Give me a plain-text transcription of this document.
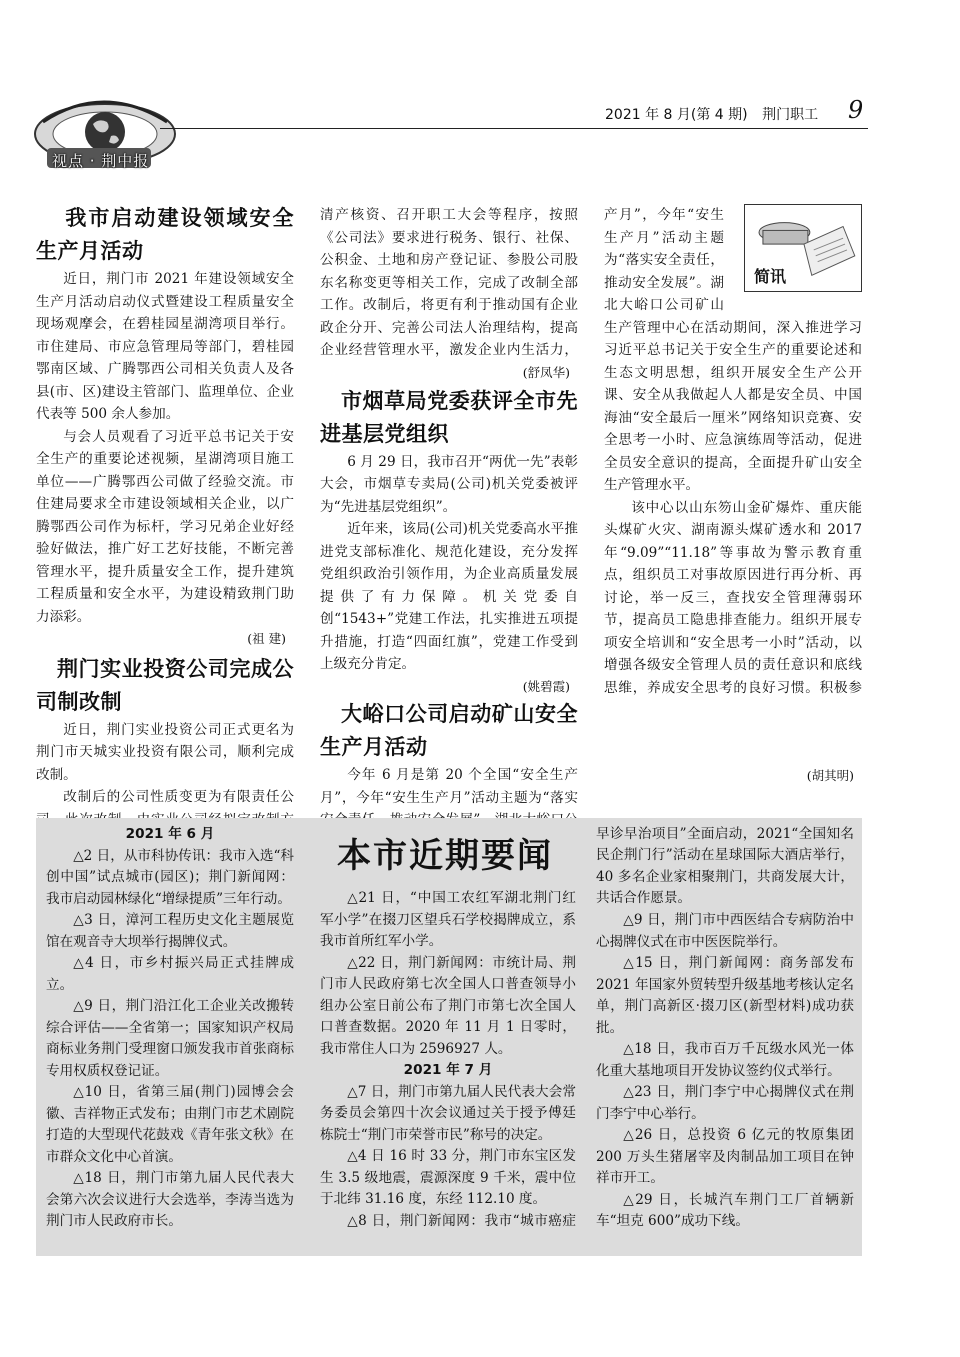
视点 · 荆中报
2021 年 8 月(第 4 期) 荆门职工 9
我市启动建设领域安全生产月活动
近日，荆门市 2021 年建设领域安全生产月活动启动仪式暨建设工程质量安全现场观摩会，在碧桂园星湖湾项目举行。市住建局、市应急管理局等部门，碧桂园鄂南区域、广腾鄂西公司相关负责人及各县(市、区)建设主管部门、监理单位、企业代表等 500 余人参加。
与会人员观看了习近平总书记关于安全生产的重要论述视频，星湖湾项目施工单位——广腾鄂西公司做了经验交流。市住建局要求全市建设领域相关企业，以广腾鄂西公司作为标杆，学习兄弟企业好经验好做法，推广好工艺好技能，不断完善管理水平，提升质量安全工作，提升建筑工程质量和安全水平，为建设精致荆门助力添彩。
(祖 建)
荆门实业投资公司完成公司制改制
近日，荆门实业投资公司正式更名为荆门市天城实业投资有限公司，顺利完成改制。
改制后的公司性质变更为有限责任公
清产核资、召开职工大会等程序，按照《公司法》要求进行税务、银行、社保、公积金、土地和房产登记证、参股公司股东名称变更等相关工作，完成了改制全部工作。改制后，将更有利于推动国有企业政企分开、完善公司法人治理结构，提高企业经营管理水平，激发企业内生活力，
(舒凤华)
市烟草局党委获评全市先进基层党组织
6 月 29 日，我市召开“两优一先”表彰大会，市烟草专卖局(公司)机关党委被评为“先进基层党组织”。
近年来，该局(公司)机关党委高水平推进党支部标准化、规范化建设，充分发挥党组织政治引领作用，为企业高质量发展提供了有力保障。机关党委自创“1543+”党建工作法，扎实推进五项提升措施，打造“四面红旗”，党建工作受到上级充分肯定。
(姚碧霞)
大峪口公司启动矿山安全生产月活动
今年 6 月是第 20 个全国“安全生产月”，今年“安生生产月”活动主题为“落实
简讯
产月”，今年“安生生产月”活动主题为“落实安全责任，推动安全发展”。湖北大峪口公司矿山生产管理中心在活动期间，深入推进学习习近平总书记关于安全生产的重要论述和生态文明思想，组织开展安全生产公开课、安全从我做起人人都是安全员、中国海油“安全最后一厘米”网络知识竞赛、安全思考一小时、应急演练周等活动，促进全员安全意识的提高，全面提升矿山安全生产管理水平。
该中心以山东笏山金矿爆炸、重庆能头煤矿火灾、湖南源头煤矿透水和 2017 年“9.09”“11.18”等事故为警示教育重点，组织员工对事故原因进行再分析、再讨论，举一反三，查找安全管理薄弱环节，提高员工隐患排查能力。组织开展专项安全培训和“安全思考一小时”活动，以增强各级安全管理人员的责任意识和底线思维，养成安全思考的良好习惯。积极参
(胡其明)
本市近期要闻
2021 年 6 月
△2 日，从市科协传讯：我市入选“科创中国”试点城市(园区)；荆门新闻网：我市启动园林绿化“增绿提质”三年行动。
△3 日，漳河工程历史文化主题展览馆在观音寺大坝举行揭牌仪式。
△4 日，市乡村振兴局正式挂牌成立。
△9 日，荆门沿江化工企业关改搬转综合评估——全省第一；国家知识产权局商标业务荆门受理窗口颁发我市首张商标专用权质权登记证。
△10 日，省第三届(荆门)园博会会徽、吉祥物正式发布；由荆门市艺术剧院打造的大型现代花鼓戏《青年张文秋》在市群众文化中心首演。
△18 日，荆门市第九届人民代表大会第六次会议进行大会选举，李涛当选为荆门市人民政府市长。
△21 日，“中国工农红军湖北荆门红军小学”在掇刀区望兵石学校揭牌成立，系我市首所红军小学。
△22 日，荆门新闻网：市统计局、荆门市人民政府第七次全国人口普查领导小组办公室日前公布了荆门市第七次全国人口普查数据。2020 年 11 月 1 日零时，我市常住人口为 2596927 人。
2021 年 7 月
△7 日，荆门市第九届人民代表大会常务委员会第四十次会议通过关于授予傅廷栋院士“荆门市荣誉市民”称号的决定。
△4 日 16 时 33 分，荆门市东宝区发生 3.5 级地震，震源深度 9 千米，震中位于北纬 31.16 度，东经 112.10 度。
△8 日，荆门新闻网：我市“城市癌症
早诊早治项目”全面启动，2021“全国知名民企荆门行”活动在星球国际大酒店举行，40 多名企业家相聚荆门，共商发展大计，共话合作愿景。
△9 日，荆门市中西医结合专病防治中心揭牌仪式在市中医医院举行。
△15 日，荆门新闻网：商务部发布 2021 年国家外贸转型升级基地考核认定名单，荆门高新区·掇刀区(新型材料)成功获批。
△18 日，我市百万千瓦级水风光一体化重大基地项目开发协议签约仪式举行。
△23 日，荆门李宁中心揭牌仪式在荆门李宁中心举行。
△26 日，总投资 6 亿元的牧原集团 200 万头生猪屠宰及肉制品加工项目在钟祥市开工。
△29 日，长城汽车荆门工厂首辆新车“坦克 600”成功下线。
